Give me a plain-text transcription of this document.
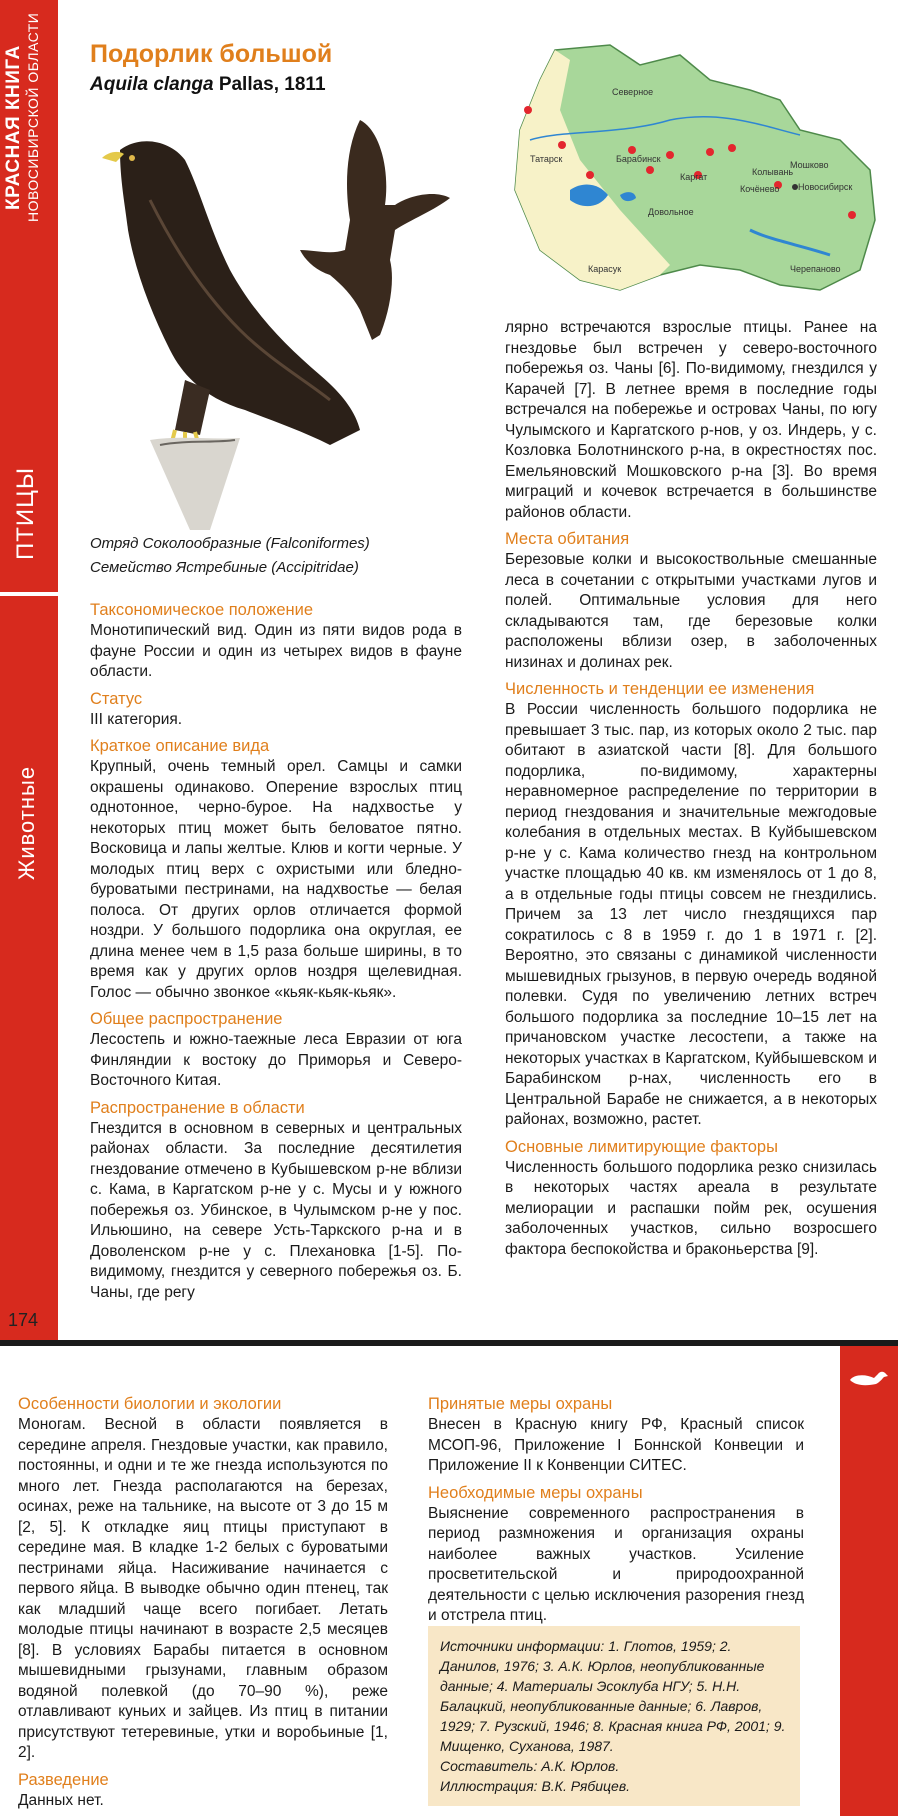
КРАСНАЯ КНИГА НОВОСИБИРСКОЙ ОБЛАСТИ
ПТИЦЫ
Животные
174
Подорлик большой
Aquila clanga Pallas, 1811	Северное
Татарск	Барабинск
Каргат	Колывань
Мошково
Новосибирск
Кочёнево
Довольное
Карасук	Черепаново
Отряд Соколообразные (Falconiformes)
Семейство Ястребиные (Accipitridae)
Таксономическое положение

Монотипический вид. Один из пяти видов рода в фауне России и один из четырех видов в фауне области.

Статус

III категория.

Краткое описание вида

Крупный, очень темный орел. Самцы и самки окрашены одинаково. Оперение взрослых птиц однотонное, черно-бурое. На надхвостье у некоторых птиц может быть беловатое пятно. Восковица и лапы желтые. Клюв и когти черные. У молодых птиц верх с охристыми или бледно-буроватыми пестринами, на надхвостье — белая полоса. От других орлов отличается формой ноздри. У большого подорлика она округлая, ее длина менее чем в 1,5 раза больше ширины, в то время как у других орлов ноздря щелевидная. Голос — обычно звонкое «кьяк-кьяк-кьяк».

Общее распространение

Лесостепь и южно-таежные леса Евразии от юга Финляндии к востоку до Приморья и Северо-Восточного Китая.

Распространение в области

Гнездится в основном в северных и центральных районах области. За последние десятилетия гнездование отмечено в Кубышевском р-не вблизи с. Кама, в Каргатском р-не у с. Мусы и у южного побережья оз. Убинское, в Чулымском р-не у пос. Ильюшино, на севере Усть-Таркского р-на и в Доволенском р-не у с. Плехановка [1-5]. По-видимому, гнездится у северного побережья оз. Б. Чаны, где регу

лярно встречаются взрослые птицы. Ранее на гнездовье был встречен у северо-восточного побережья оз. Чаны [6]. По-видимому, гнездился у Карачей [7]. В летнее время в последние годы встречался на побережье и островах Чаны, по югу Чулымского и Каргатского р-нов, у оз. Индерь, у с. Козловка Болотнинского р-на, в окрестностях пос. Емельяновский Мошковского р-на [3]. Во время миграций и кочевок встречается в большинстве районов области.

Места обитания

Березовые колки и высокоствольные смешанные леса в сочетании с открытыми участками лугов и полей. Оптимальные условия для него складываются там, где березовые колки расположены вблизи озер, в заболоченных низинах и долинах рек.

Численность и тенденции ее изменения

В России численность большого подорлика не превышает 3 тыс. пар, из которых около 2 тыс. пар обитают в азиатской части [8]. Для большого подорлика, по-видимому, характерны неравномерное распределение по территории в период гнездования и значительные межгодовые колебания в отдельных местах. В Куйбышевском р-не у с. Кама количество гнезд на контрольном участке площадью 40 кв. км изменялось от 1 до 8, а в отдельные годы птицы совсем не гнездились. Причем за 13 лет число гнездящихся пар сократилось с 8 в 1959 г. до 1 в 1971 г. [2]. Вероятно, это связаны с динамикой численности мышевидных грызунов, в первую очередь водяной полевки. Судя по увеличению летних встреч большого подорлика за последние 10–15 лет на причановском участке лесостепи, а также на некоторых участках в Каргатском, Куйбышевском и Барабинском р-нах, численность его в Центральной Барабе не снижается, а в некоторых районах, возможно, растет.

Основные лимитирующие факторы

Численность большого подорлика резко снизилась в некоторых частях ареала в результате мелиорации и распашки пойм рек, осушения заболоченных участков, сильно возросшего фактора беспокойства и браконьерства [9].

Особенности биологии и экологии

Моногам. Весной в области появляется в середине апреля. Гнездовые участки, как правило, постоянны, и одни и те же гнезда используются по много лет. Гнезда располагаются на березах, осинах, реже на тальнике, на высоте от 3 до 15 м [2, 5]. К откладке яиц птицы приступают в середине мая. В кладке 1-2 белых с буроватыми пестринами яйца. Насиживание начинается с первого яйца. В выводке обычно один птенец, так как младший чаще всего погибает. Летать молодые птицы начинают в возрасте 2,5 месяцев [8]. В условиях Барабы питается в основном мышевидными грызунами, главным образом водяной полевкой (до 70–90 %), реже отлавливают куньих и зайцев. Из птиц в питании присутствуют тетеревиные, утки и воробьиные [1, 2].

Разведение

Данных нет.

Принятые меры охраны

Внесен в Красную книгу РФ, Красный список МСОП-96, Приложение I Боннской Конвеции и Приложение II к Конвенции СИТЕС.

Необходимые меры охраны

Выяснение современного распространения в период размножения и организация охраны наиболее важных участков. Усиление просветительской и природоохранной деятельности с целью исключения разорения гнезд и отстрела птиц.

Источники информации: 1. Глотов, 1959; 2. Данилов, 1976; 3. А.К. Юрлов, неопубликованные данные; 4. Материалы Эcоклуба НГУ; 5. Н.Н. Балацкий, неопубликованные данные; 6. Лавров, 1929; 7. Рузский, 1946; 8. Красная книга РФ, 2001; 9. Мищенко, Суханова, 1987.
Составитель: А.К. Юрлов.
Иллюстрация: В.К. Рябицев.
